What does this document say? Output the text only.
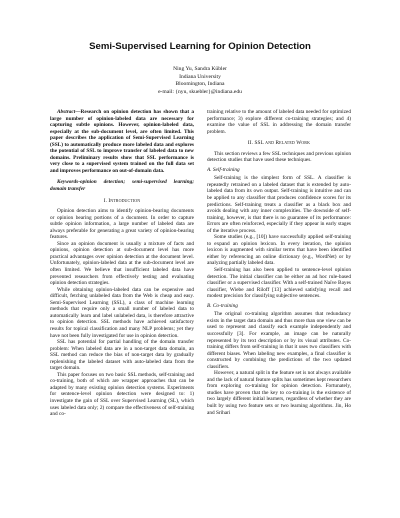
Semi-Supervised Learning for Opinion Detection
Ning Yu, Sandra Kübler
Indiana University
Bloomington, Indiana
e-mail: {nyu, skuebler}@indiana.edu

Abstract—Research on opinion detection has shown that a large number of opinion-labeled data are necessary for capturing subtle opinions. However, opinion-labeled data, especially at the sub-document level, are often limited. This paper describes the application of Semi-Supervised Learning (SSL) to automatically produce more labeled data and explores the potential of SSL to improve transfer of labeled data to new domains. Preliminary results show that SSL performance is very close to a supervised system trained on the full data set and improves performance on out-of-domain data.

Keywords-opinion detection; semi-supervised learning; domain transfer

I. Introduction

Opinion detection aims to identify opinion-bearing documents or opinion bearing portions of a document. In order to capture subtle opinion information, a large number of labeled data are always preferable for generating a great variety of opinion-bearing features.

Since an opinion document is usually a mixture of facts and opinions, opinion detection at sub-document level has more practical advantages over opinion detection at the document level. Unfortunately, opinion-labeled data at the sub-document level are often limited. We believe that insufficient labeled data have prevented researchers from effectively testing and evaluating opinion detection strategies.

While obtaining opinion-labeled data can be expensive and difficult, fetching unlabeled data from the Web is cheap and easy. Semi-Supervised Learning (SSL), a class of machine learning methods that require only a small number of labeled data to automatically learn and label unlabeled data, is therefore attractive to opinion detection. SSL methods have achieved satisfactory results for topical classification and many NLP problems; yet they have not been fully investigated for use in opinion detection.

SSL has potential for partial handling of the domain transfer problem: When labeled data are in a non-target data domain, an SSL method can reduce the bias of non-target data by gradually replenishing the labeled dataset with auto-labeled data from the target domain.

This paper focuses on two basic SSL methods, self-training and co-training, both of which are wrapper approaches that can be adapted by many existing opinion detection systems. Experiments for sentence-level opinion detection were designed to: 1) investigate the gain of SSL over Supervised Learning (SL), which uses labeled data only; 2) compare the effectiveness of self-training and co-

training relative to the amount of labeled data needed for optimized performance; 3) explore different co-training strategies; and 4) examine the value of SSL in addressing the domain transfer problem.

II. SSL and Related Work

This section reviews a few SSL techniques and previous opinion detection studies that have used these techniques.

A. Self-training

Self-training is the simplest form of SSL. A classifier is repeatedly retrained on a labeled dataset that is extended by auto-labeled data from its own output. Self-training is intuitive and can be applied to any classifier that produces confidence scores for its predictions. Self-training treats a classifier as a black box and avoids dealing with any inner complexities. The downside of self-training, however, is that there is no guarantee of its performance: Errors are often reinforced, especially if they appear in early stages of the iterative process.

Some studies (e.g., [10]) have successfully applied self-training to expand an opinion lexicon. In every iteration, the opinion lexicon is augmented with similar terms that have been identified either by referencing an online dictionary (e.g., WordNet) or by analyzing partially labeled data.

Self-training has also been applied to sentence-level opinion detection. The initial classifier can be either an ad hoc rule-based classifier or a supervised classifier. With a self-trained Naïve Bayes classifier, Wiebe and Riloff [13] achieved satisfying recall and modest precision for classifying subjective sentences.

B. Co-training

The original co-training algorithm assumes that redundancy exists in the target data domain and thus more than one view can be used to represent and classify each example independently and successfully [3]. For example, an image can be naturally represented by its text description or by its visual attributes. Co-training differs from self-training in that it uses two classifiers with different biases. When labeling new examples, a final classifier is constructed by combining the predictions of the two updated classifiers.

However, a natural split in the feature set is not always available and the lack of natural feature splits has sometimes kept researchers from exploring co-training for opinion detection. Fortunately, studies have proven that the key to co-training is the existence of two largely different initial learners, regardless of whether they are built by using two feature sets or two learning algorithms. Jin, Ho and Srihari
